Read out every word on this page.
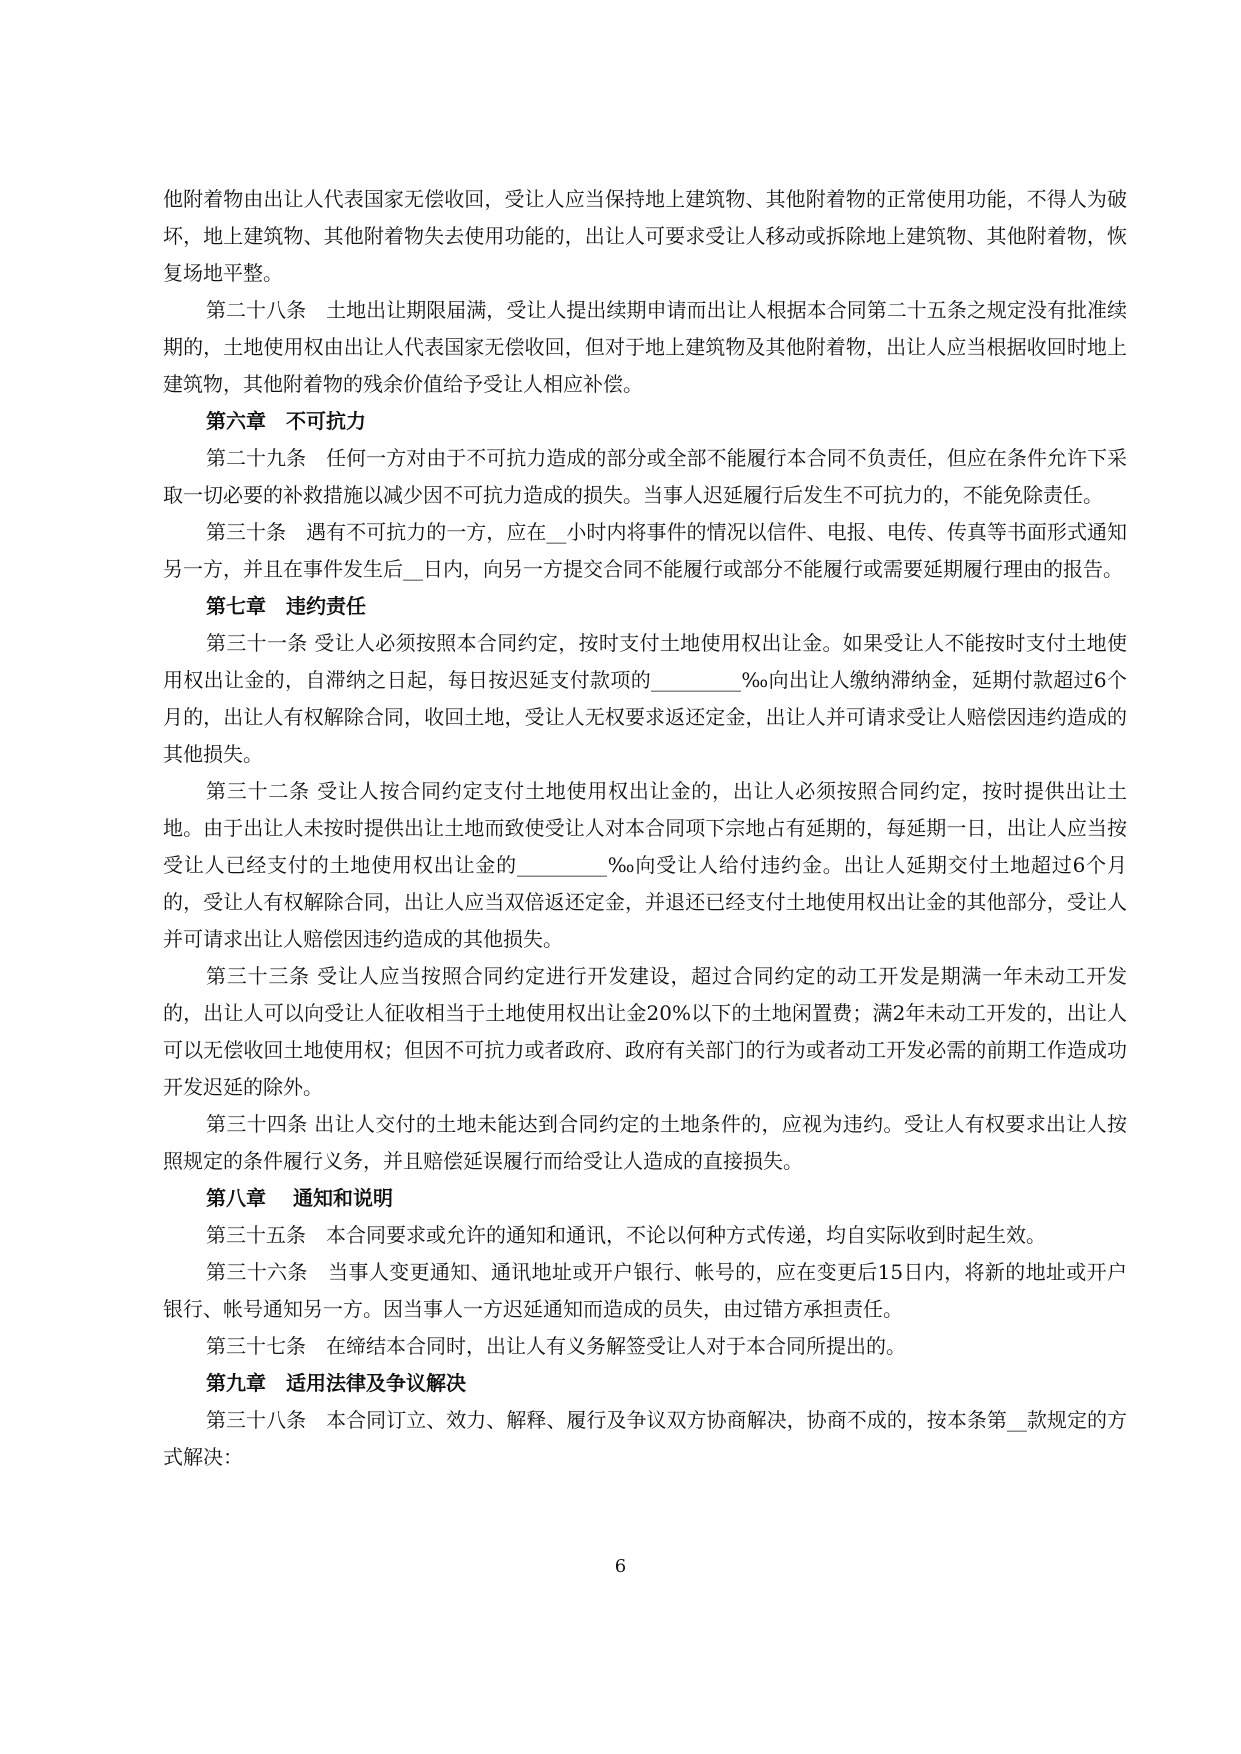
他附着物由出让人代表国家无偿收回，受让人应当保持地上建筑物、其他附着物的正常使用功能，不得人为破坏，地上建筑物、其他附着物失去使用功能的，出让人可要求受让人移动或拆除地上建筑物、其他附着物，恢复场地平整。

第二十八条　土地出让期限届满，受让人提出续期申请而出让人根据本合同第二十五条之规定没有批准续期的，土地使用权由出让人代表国家无偿收回，但对于地上建筑物及其他附着物，出让人应当根据收回时地上建筑物，其他附着物的残余价值给予受让人相应补偿。

第六章　不可抗力

第二十九条　任何一方对由于不可抗力造成的部分或全部不能履行本合同不负责任，但应在条件允许下采取一切必要的补救措施以减少因不可抗力造成的损失。当事人迟延履行后发生不可抗力的，不能免除责任。

第三十条　遇有不可抗力的一方，应在__小时内将事件的情况以信件、电报、电传、传真等书面形式通知另一方，并且在事件发生后__日内，向另一方提交合同不能履行或部分不能履行或需要延期履行理由的报告。

第七章　违约责任

第三十一条 受让人必须按照本合同约定，按时支付土地使用权出让金。如果受让人不能按时支付土地使用权出让金的，自滞纳之日起，每日按迟延支付款项的_________‰向出让人缴纳滞纳金，延期付款超过6个月的，出让人有权解除合同，收回土地，受让人无权要求返还定金，出让人并可请求受让人赔偿因违约造成的其他损失。

第三十二条 受让人按合同约定支付土地使用权出让金的，出让人必须按照合同约定，按时提供出让土地。由于出让人未按时提供出让土地而致使受让人对本合同项下宗地占有延期的，每延期一日，出让人应当按受让人已经支付的土地使用权出让金的_________‰向受让人给付违约金。出让人延期交付土地超过6个月的，受让人有权解除合同，出让人应当双倍返还定金，并退还已经支付土地使用权出让金的其他部分，受让人并可请求出让人赔偿因违约造成的其他损失。

第三十三条 受让人应当按照合同约定进行开发建设，超过合同约定的动工开发是期满一年未动工开发的，出让人可以向受让人征收相当于土地使用权出让金20%以下的土地闲置费；满2年未动工开发的，出让人可以无偿收回土地使用权；但因不可抗力或者政府、政府有关部门的行为或者动工开发必需的前期工作造成功开发迟延的除外。

第三十四条 出让人交付的土地未能达到合同约定的土地条件的，应视为违约。受让人有权要求出让人按照规定的条件履行义务，并且赔偿延误履行而给受让人造成的直接损失。

第八章　 通知和说明

第三十五条　本合同要求或允许的通知和通讯，不论以何种方式传递，均自实际收到时起生效。

第三十六条　当事人变更通知、通讯地址或开户银行、帐号的，应在变更后15日内，将新的地址或开户银行、帐号通知另一方。因当事人一方迟延通知而造成的员失，由过错方承担责任。

第三十七条　在缔结本合同时，出让人有义务解签受让人对于本合同所提出的。

第九章　适用法律及争议解决

第三十八条　本合同订立、效力、解释、履行及争议双方协商解决，协商不成的，按本条第__款规定的方式解决：

6
